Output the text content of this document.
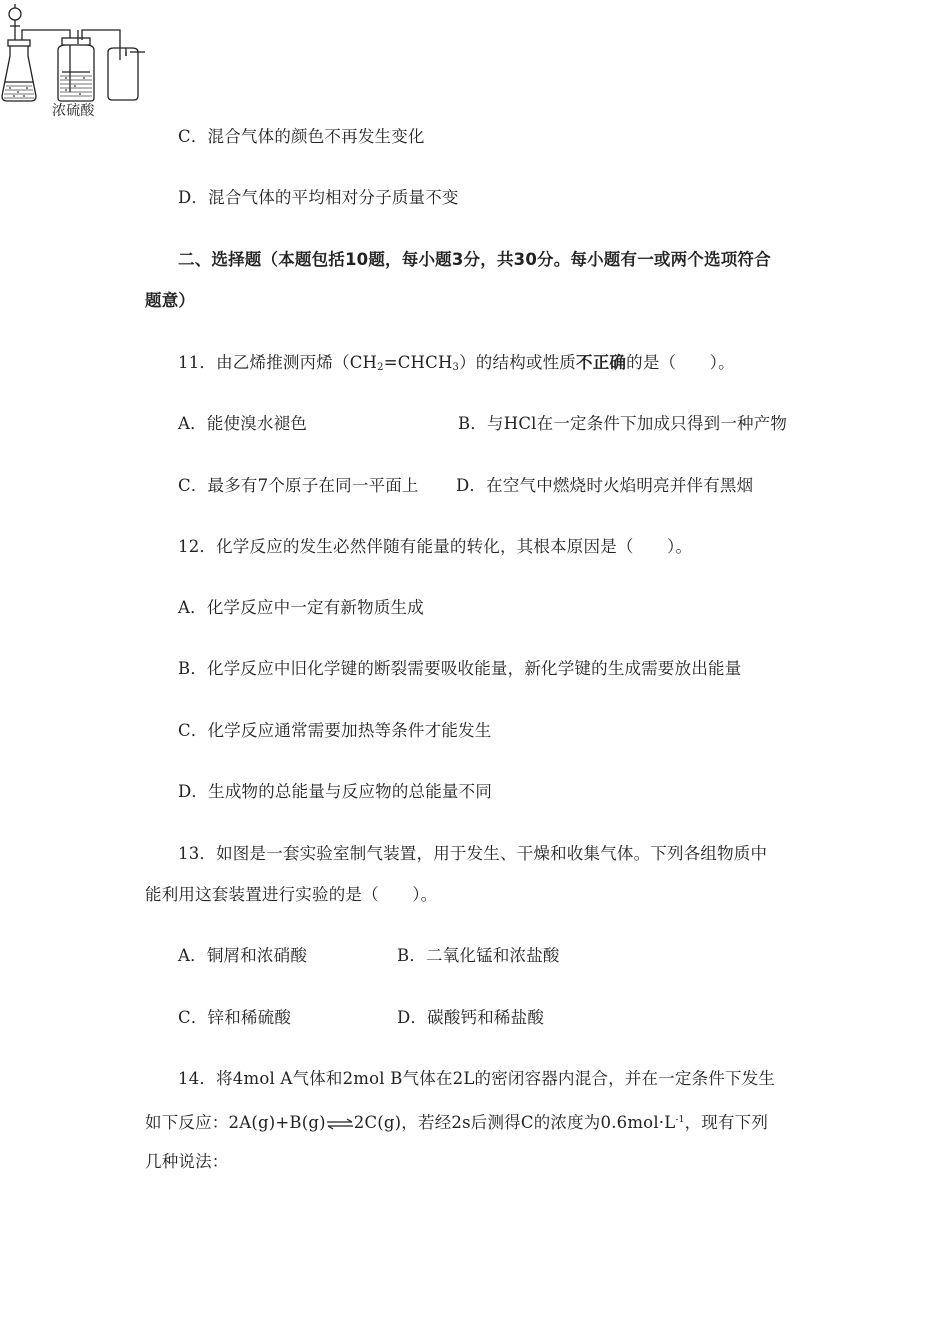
浓硫酸
C．混合气体的颜色不再发生变化
D．混合气体的平均相对分子质量不变
二、选择题（本题包括10题，每小题3分，共30分。每小题有一或两个选项符合
题意）
11．由乙烯推测丙烯$(CH_2=CHCH_3)$的结构或性质不正确的是（　　）。
A．能使溴水褪色	B．与HCl在一定条件下加成只得到一种产物
C．最多有7个原子在同一平面上 D．在空气中燃烧时火焰明亮并伴有黑烟
12．化学反应的发生必然伴随有能量的转化，其根本原因是（　　）。
A．化学反应中一定有新物质生成
B．化学反应中旧化学键的断裂需要吸收能量，新化学键的生成需要放出能量
C．化学反应通常需要加热等条件才能发生
D．生成物的总能量与反应物的总能量不同
13．如图是一套实验室制气装置，用于发生、干燥和收集气体。下列各组物质中
能利用这套装置进行实验的是（　　）。
A．铜屑和浓硝酸	B．二氧化锰和浓盐酸
C．锌和稀硫酸	D．碳酸钙和稀盐酸
14．将4mol A气体和2mol B气体在2L的密闭容器内混合，并在一定条件下发生
如下反应：2A(g)+B(g)⇌2C(g)，若经2s后测得C的浓度为$0.6mol\cdot L^{-1}$，现有下列
几种说法：
